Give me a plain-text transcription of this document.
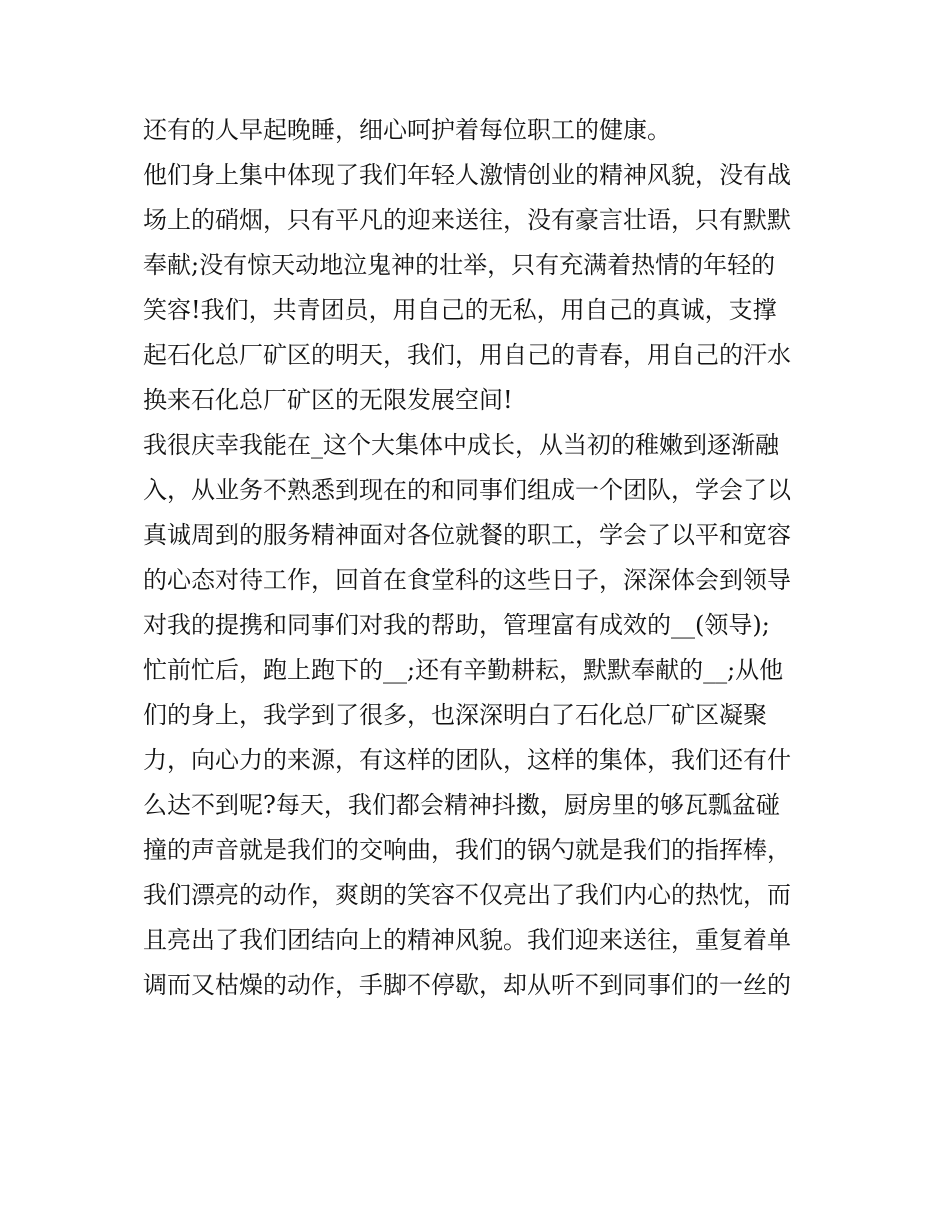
还有的人早起晚睡，细心呵护着每位职工的健康。
他们身上集中体现了我们年轻人激情创业的精神风貌，没有战
场上的硝烟，只有平凡的迎来送往，没有豪言壮语，只有默默
奉献;没有惊天动地泣鬼神的壮举，只有充满着热情的年轻的
笑容!我们，共青团员，用自己的无私，用自己的真诚，支撑
起石化总厂矿区的明天，我们，用自己的青春，用自己的汗水
换来石化总厂矿区的无限发展空间!
我很庆幸我能在_这个大集体中成长，从当初的稚嫩到逐渐融
入，从业务不熟悉到现在的和同事们组成一个团队，学会了以
真诚周到的服务精神面对各位就餐的职工，学会了以平和宽容
的心态对待工作，回首在食堂科的这些日子，深深体会到领导
对我的提携和同事们对我的帮助，管理富有成效的__(领导);
忙前忙后，跑上跑下的__;还有辛勤耕耘，默默奉献的__;从他
们的身上，我学到了很多，也深深明白了石化总厂矿区凝聚
力，向心力的来源，有这样的团队，这样的集体，我们还有什
么达不到呢?每天，我们都会精神抖擞，厨房里的够瓦瓢盆碰
撞的声音就是我们的交响曲，我们的锅勺就是我们的指挥棒，
我们漂亮的动作，爽朗的笑容不仅亮出了我们内心的热忱，而
且亮出了我们团结向上的精神风貌。我们迎来送往，重复着单
调而又枯燥的动作，手脚不停歇，却从听不到同事们的一丝的
